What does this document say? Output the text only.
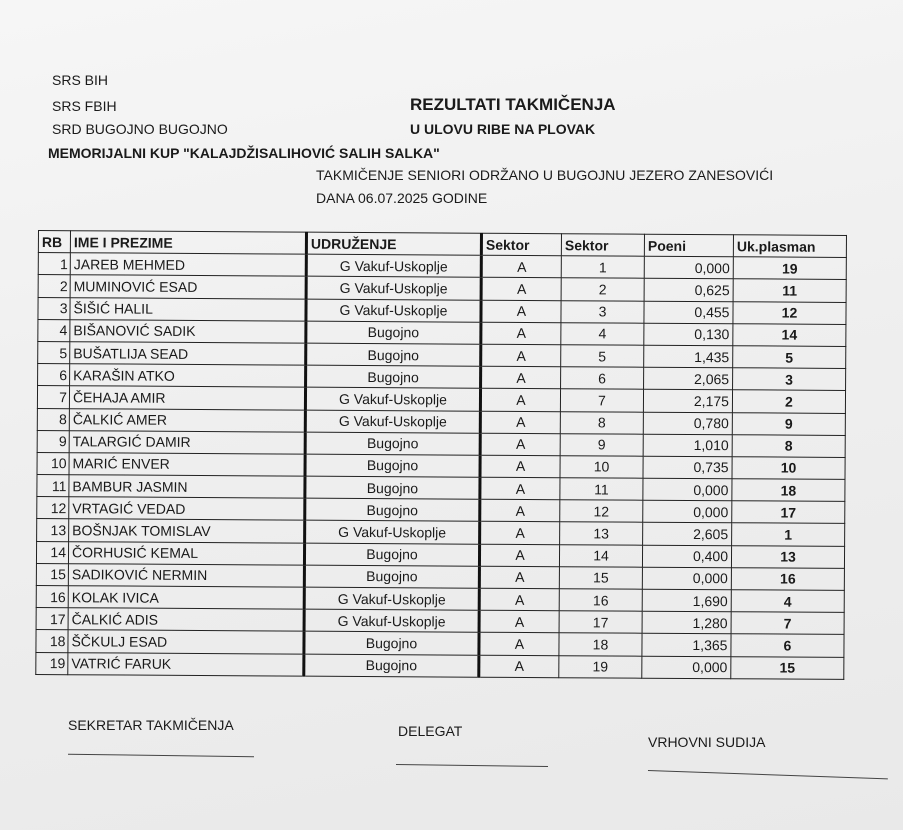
SRS BIH
SRS FBIH
SRD BUGOJNO BUGOJNO
MEMORIJALNI KUP "KALAJDŽISALIHOVIĆ SALIH SALKA"
REZULTATI TAKMIČENJA
U ULOVU RIBE NA PLOVAK
TAKMIČENJE SENIORI ODRŽANO U BUGOJNU JEZERO ZANESOVIĆI
DANA 06.07.2025 GODINE
RB	IME I PREZIME	UDRUŽENJE	Sektor	Sektor	Poeni	Uk.plasman
1	JAREB MEHMED	G Vakuf-Uskoplje	A	1	0,000	19
2	MUMINOVIĆ ESAD	G Vakuf-Uskoplje	A	2	0,625	11
3	ŠIŠIĆ HALIL	G Vakuf-Uskoplje	A	3	0,455	12
4	BIŠANOVIĆ SADIK	Bugojno	A	4	0,130	14
5	BUŠATLIJA SEAD	Bugojno	A	5	1,435	5
6	KARAŠIN ATKO	Bugojno	A	6	2,065	3
7	ČEHAJA AMIR	G Vakuf-Uskoplje	A	7	2,175	2
8	ČALKIĆ AMER	G Vakuf-Uskoplje	A	8	0,780	9
9	TALARGIĆ DAMIR	Bugojno	A	9	1,010	8
10	MARIĆ ENVER	Bugojno	A	10	0,735	10
11	BAMBUR JASMIN	Bugojno	A	11	0,000	18
12	VRTAGIĆ VEDAD	Bugojno	A	12	0,000	17
13	BOŠNJAK TOMISLAV	G Vakuf-Uskoplje	A	13	2,605	1
14	ČORHUSIĆ KEMAL	Bugojno	A	14	0,400	13
15	SADIKOVIĆ NERMIN	Bugojno	A	15	0,000	16
16	KOLAK IVICA	G Vakuf-Uskoplje	A	16	1,690	4
17	ČALKIĆ ADIS	G Vakuf-Uskoplje	A	17	1,280	7
18	ŠČKULJ ESAD	Bugojno	A	18	1,365	6
19	VATRIĆ FARUK	Bugojno	A	19	0,000	15
SEKRETAR TAKMIČENJA	DELEGAT
VRHOVNI SUDIJA
